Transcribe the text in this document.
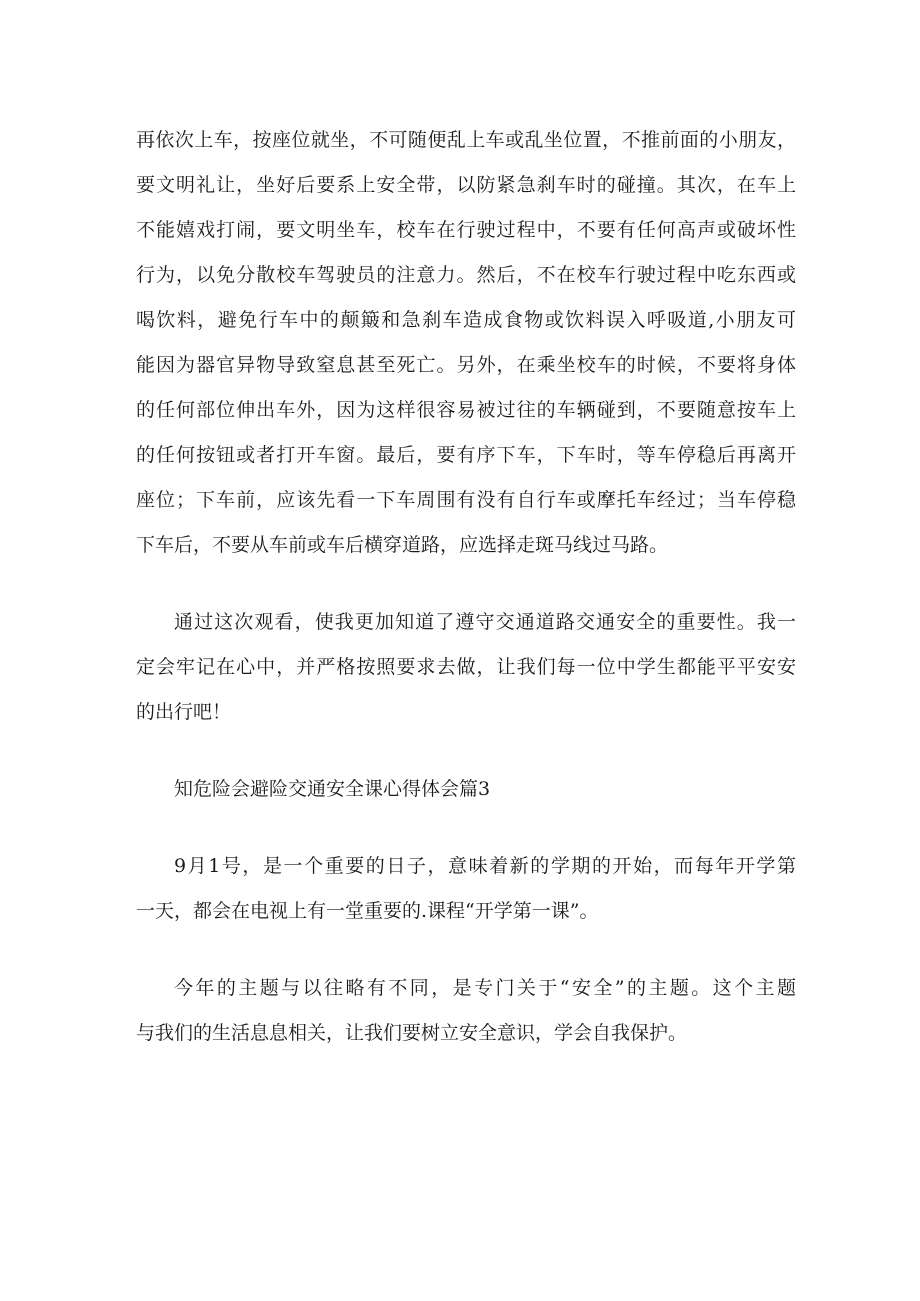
再依次上车，按座位就坐，不可随便乱上车或乱坐位置，不推前面的小朋友，
要文明礼让，坐好后要系上安全带，以防紧急刹车时的碰撞。其次，在车上
不能嬉戏打闹，要文明坐车，校车在行驶过程中，不要有任何高声或破坏性
行为，以免分散校车驾驶员的注意力。然后，不在校车行驶过程中吃东西或
喝饮料，避免行车中的颠簸和急刹车造成食物或饮料误入呼吸道,小朋友可
能因为器官异物导致窒息甚至死亡。另外，在乘坐校车的时候，不要将身体
的任何部位伸出车外，因为这样很容易被过往的车辆碰到，不要随意按车上
的任何按钮或者打开车窗。最后，要有序下车，下车时，等车停稳后再离开
座位；下车前，应该先看一下车周围有没有自行车或摩托车经过；当车停稳
下车后，不要从车前或车后横穿道路，应选择走斑马线过马路。
通过这次观看，使我更加知道了遵守交通道路交通安全的重要性。我一
定会牢记在心中，并严格按照要求去做，让我们每一位中学生都能平平安安
的出行吧！
知危险会避险交通安全课心得体会篇3
9月1号，是一个重要的日子，意味着新的学期的开始，而每年开学第
一天，都会在电视上有一堂重要的.课程“开学第一课”。
今年的主题与以往略有不同，是专门关于“安全”的主题。这个主题
与我们的生活息息相关，让我们要树立安全意识，学会自我保护。
